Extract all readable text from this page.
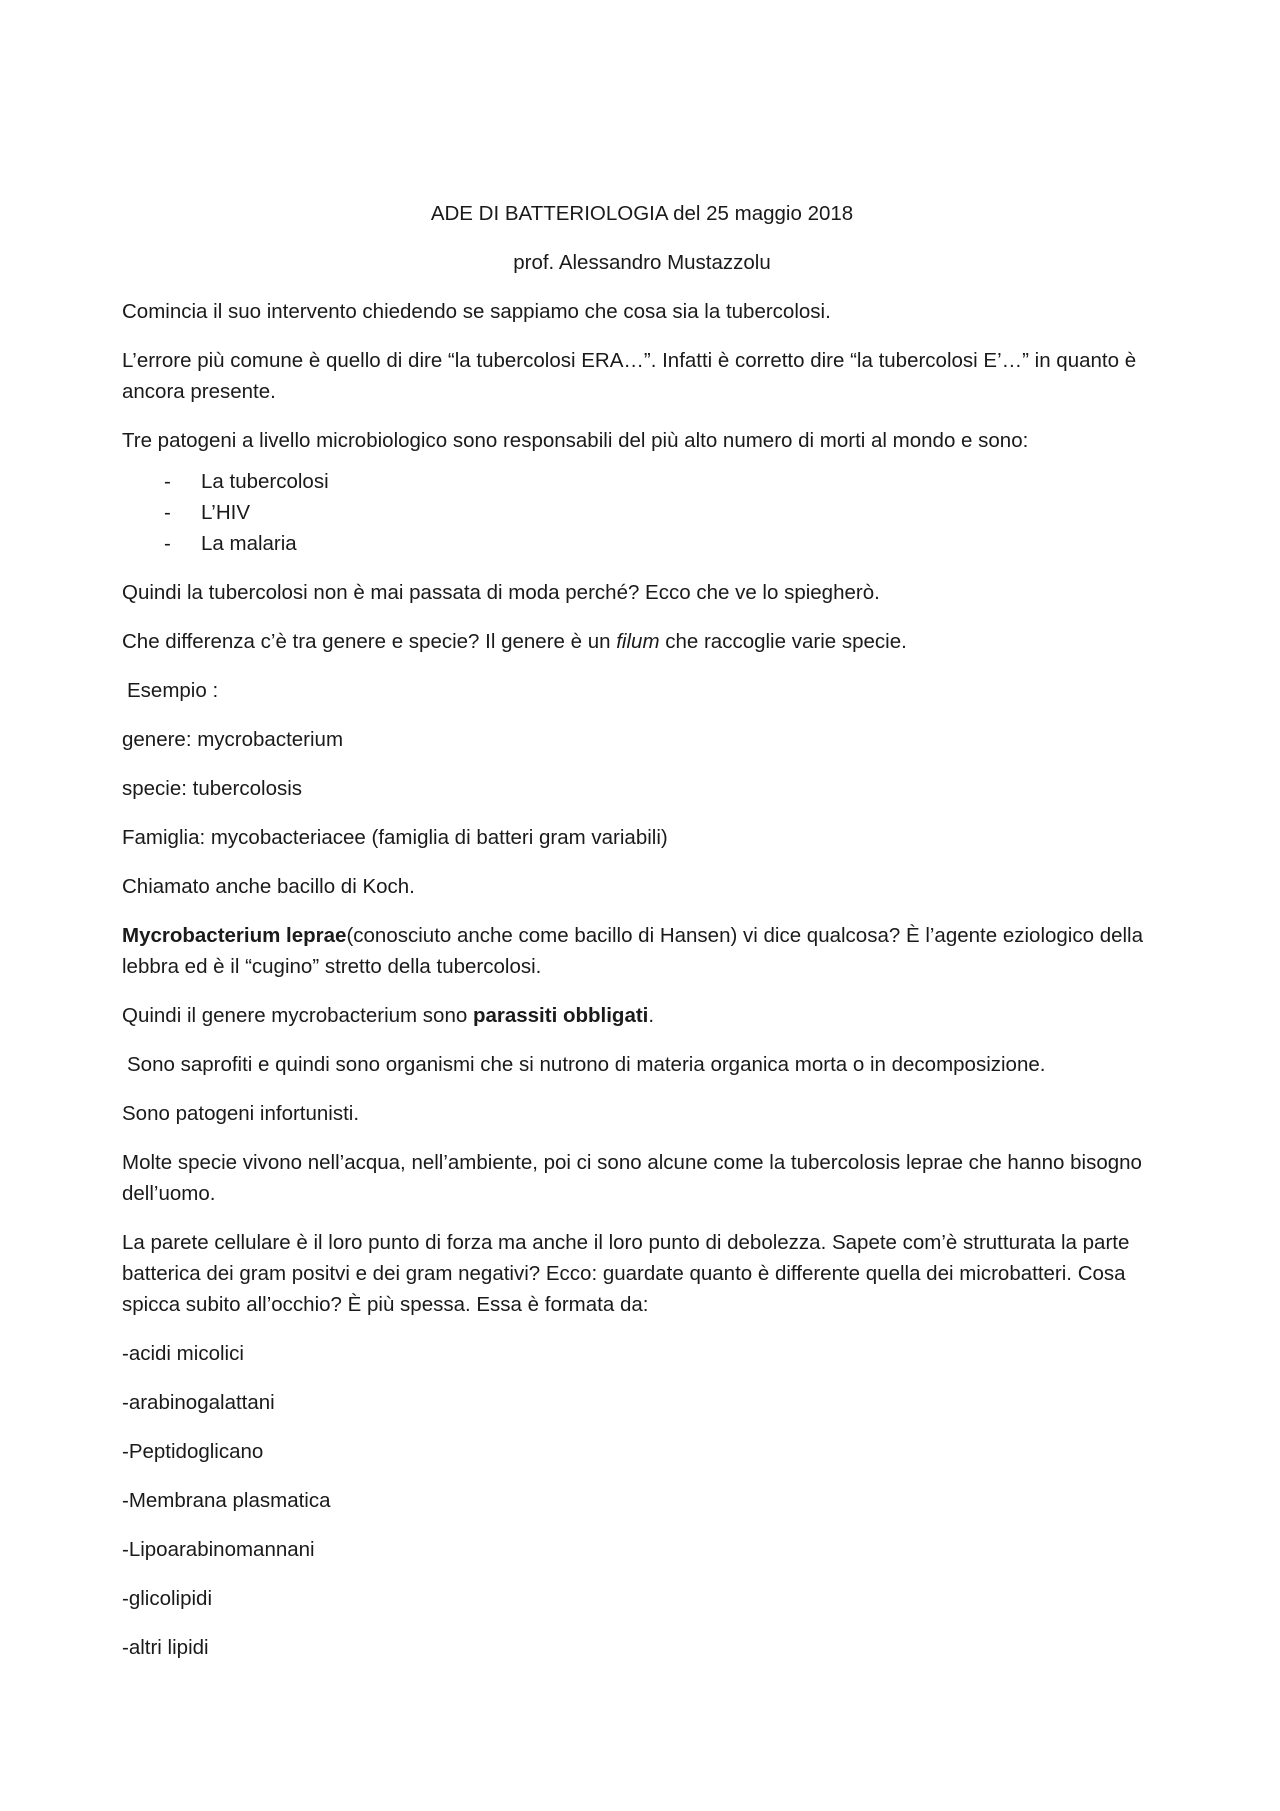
ADE DI BATTERIOLOGIA del 25 maggio 2018
prof. Alessandro Mustazzolu

Comincia il suo intervento chiedendo se sappiamo che cosa sia la tubercolosi.

L’errore più comune è quello di dire “la tubercolosi ERA…”. Infatti è corretto dire “la tubercolosi E’…” in quanto è ancora presente.

Tre patogeni a livello microbiologico sono responsabili del più alto numero di morti al mondo e sono:

- La tubercolosi
- L’HIV
- La malaria

Quindi la tubercolosi non è mai passata di moda perché? Ecco che ve lo spiegherò.

Che differenza c’è tra genere e specie? Il genere è un filum che raccoglie varie specie.

Esempio :

genere: mycrobacterium

specie: tubercolosis

Famiglia: mycobacteriacee (famiglia di batteri gram variabili)

Chiamato anche bacillo di Koch.

Mycrobacterium leprae(conosciuto anche come bacillo di Hansen) vi dice qualcosa? È l’agente eziologico della lebbra ed è il “cugino” stretto della tubercolosi.

Quindi il genere mycrobacterium sono parassiti obbligati.

Sono saprofiti e quindi sono organismi che si nutrono di materia organica morta o in decomposizione.

Sono patogeni infortunisti.

Molte specie vivono nell’acqua, nell’ambiente, poi ci sono alcune come la tubercolosis leprae che hanno bisogno dell’uomo.

La parete cellulare è il loro punto di forza ma anche il loro punto di debolezza. Sapete com’è strutturata la parte batterica dei gram positvi e dei gram negativi? Ecco: guardate quanto è differente quella dei microbatteri. Cosa spicca subito all’occhio? È più spessa. Essa è formata da:

-acidi micolici

-arabinogalattani

-Peptidoglicano

-Membrana plasmatica

-Lipoarabinomannani

-glicolipidi

-altri lipidi
